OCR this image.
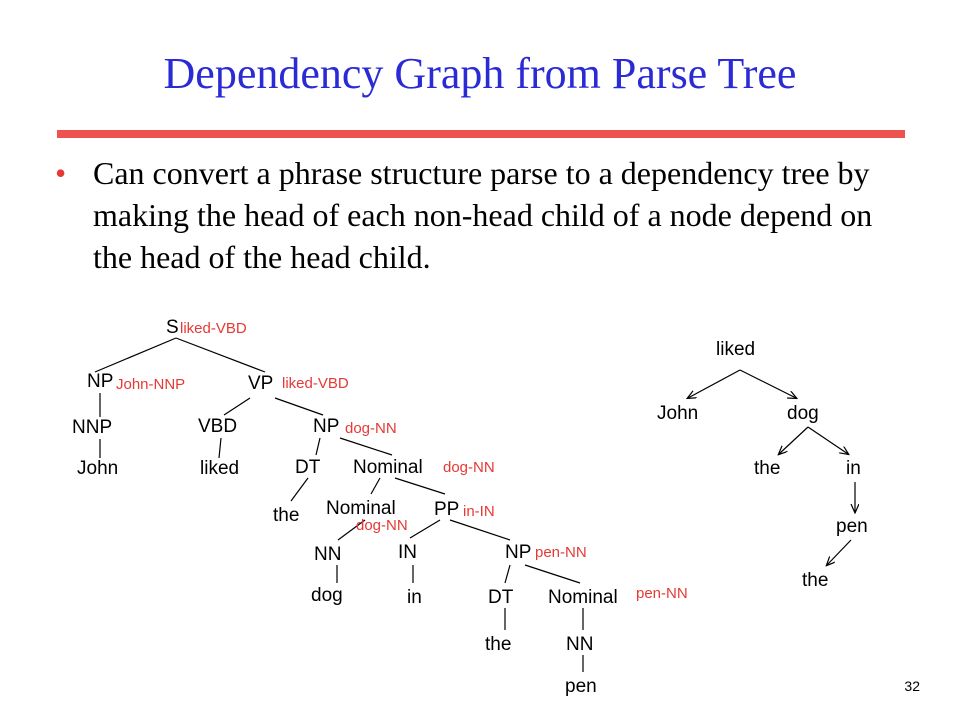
Dependency Graph from Parse Tree
• Can convert a phrase structure parse to a dependency tree by making the head of each non-head child of a node depend on the head of the head child.
S liked-VBD
NP John-NNP	VP liked-VBD
NNP	VBD	NP dog-NN
John	liked	DT Nominal dog-NN
the Nominal
dog-NN
PP in-IN
NN	IN	NP pen-NN
dog	in	DT Nominal pen-NN
the	NN
pen
liked
John	dog
the	in
pen
the
32
